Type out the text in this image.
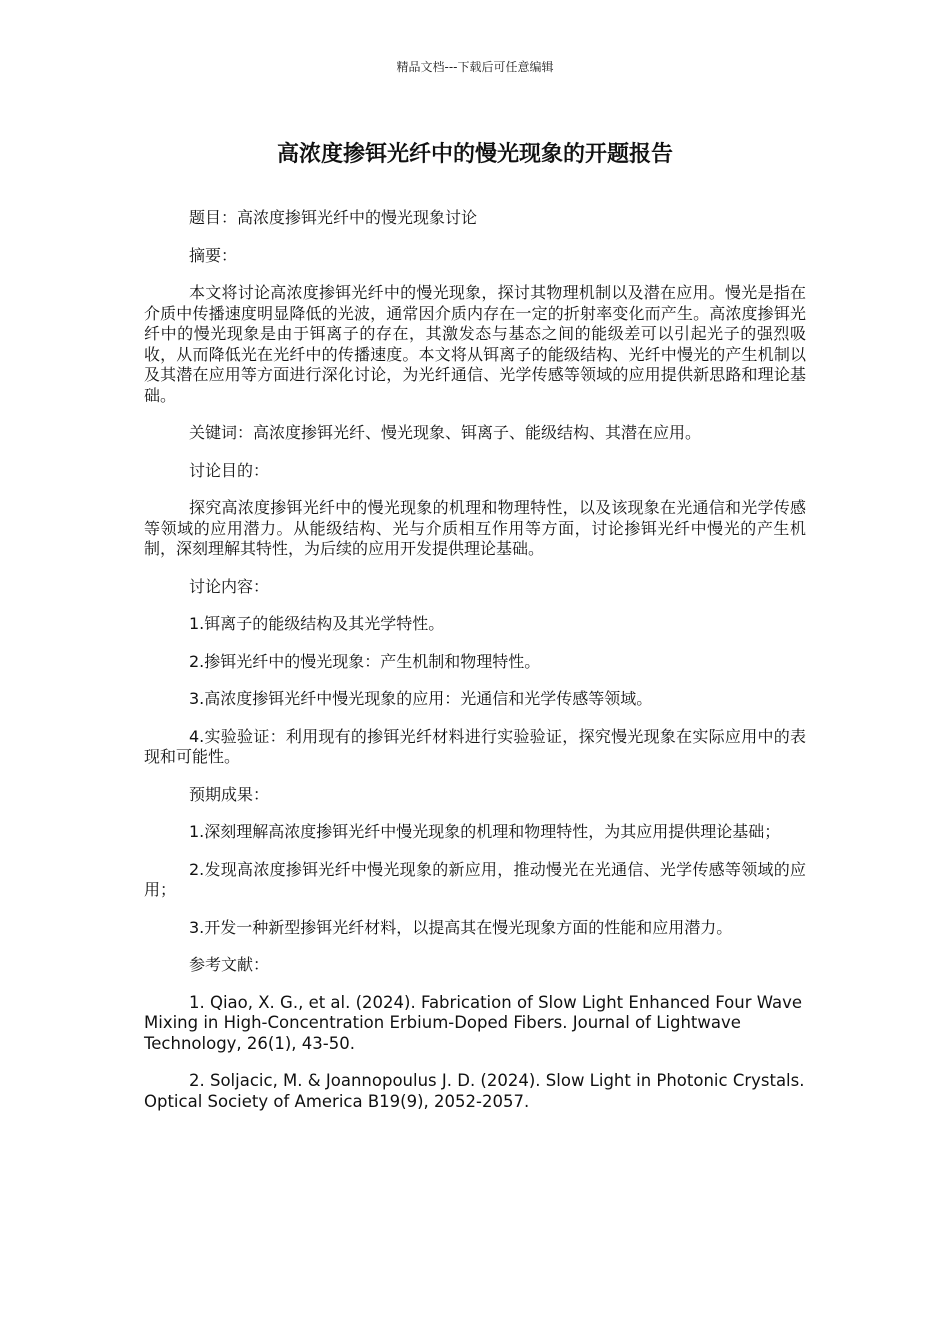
精品文档---下载后可任意编辑
高浓度掺铒光纤中的慢光现象的开题报告

题目：高浓度掺铒光纤中的慢光现象讨论

摘要：

本文将讨论高浓度掺铒光纤中的慢光现象，探讨其物理机制以及潜在应用。慢光是指在介质中传播速度明显降低的光波，通常因介质内存在一定的折射率变化而产生。高浓度掺铒光纤中的慢光现象是由于铒离子的存在，其激发态与基态之间的能级差可以引起光子的强烈吸收，从而降低光在光纤中的传播速度。本文将从铒离子的能级结构、光纤中慢光的产生机制以及其潜在应用等方面进行深化讨论，为光纤通信、光学传感等领域的应用提供新思路和理论基础。

关键词：高浓度掺铒光纤、慢光现象、铒离子、能级结构、其潜在应用。

讨论目的：

探究高浓度掺铒光纤中的慢光现象的机理和物理特性，以及该现象在光通信和光学传感等领域的应用潜力。从能级结构、光与介质相互作用等方面，讨论掺铒光纤中慢光的产生机制，深刻理解其特性，为后续的应用开发提供理论基础。

讨论内容：

1.铒离子的能级结构及其光学特性。

2.掺铒光纤中的慢光现象：产生机制和物理特性。

3.高浓度掺铒光纤中慢光现象的应用：光通信和光学传感等领域。

4.实验验证：利用现有的掺铒光纤材料进行实验验证，探究慢光现象在实际应用中的表现和可能性。

预期成果：

1.深刻理解高浓度掺铒光纤中慢光现象的机理和物理特性，为其应用提供理论基础；

2.发现高浓度掺铒光纤中慢光现象的新应用，推动慢光在光通信、光学传感等领域的应用；

3.开发一种新型掺铒光纤材料，以提高其在慢光现象方面的性能和应用潜力。

参考文献：

1. Qiao, X. G., et al. (2024). Fabrication of Slow Light Enhanced Four Wave Mixing in High-Concentration Erbium-Doped Fibers. Journal of Lightwave Technology, 26(1), 43-50.

2. Soljacic, M. & Joannopoulus J. D. (2024). Slow Light in Photonic Crystals. Optical Society of America B19(9), 2052-2057.
